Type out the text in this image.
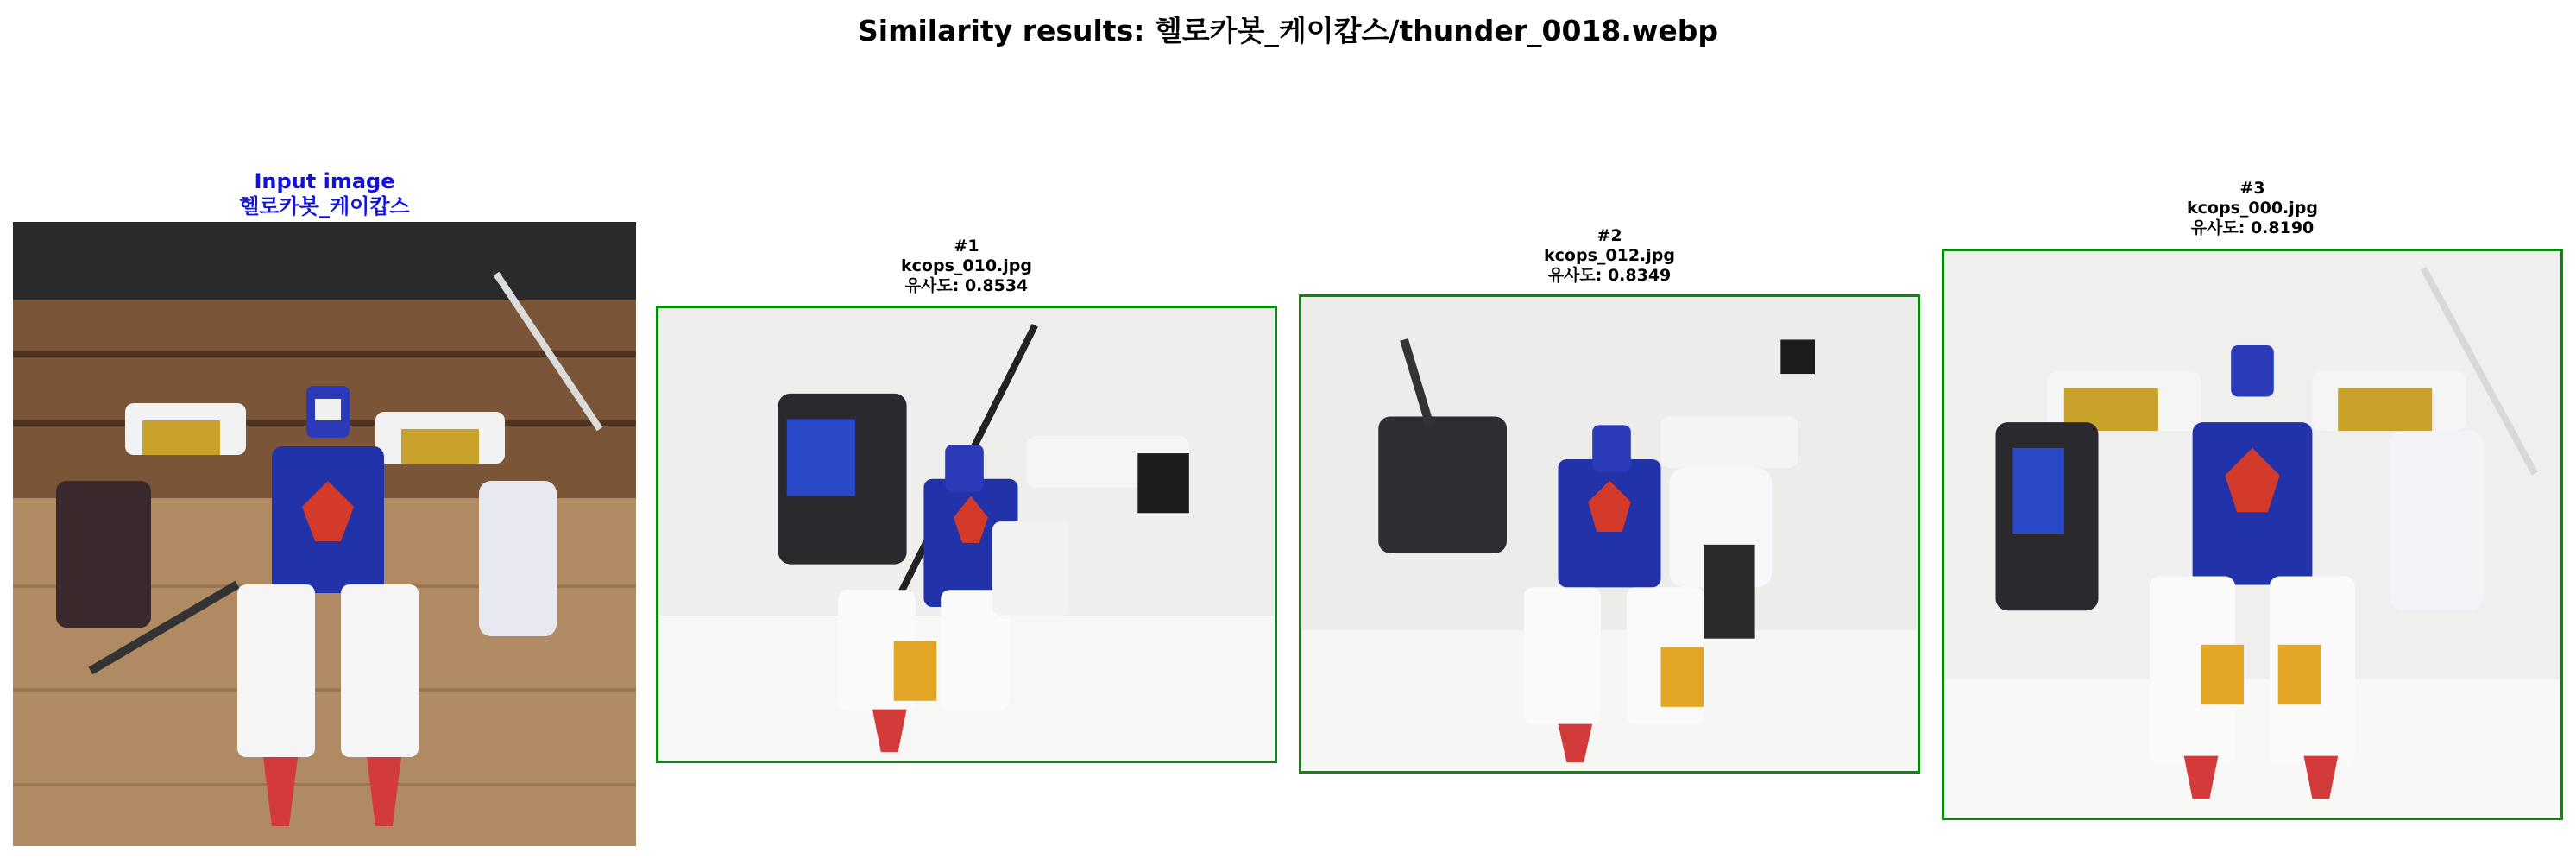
Similarity results: 헬로카봇_케이캅스/thunder_0018.webp
Input image
헬로카봇_케이캅스
#1
kcops_010.jpg
유사도: 0.8534
#2
kcops_012.jpg
유사도: 0.8349
#3
kcops_000.jpg
유사도: 0.8190
